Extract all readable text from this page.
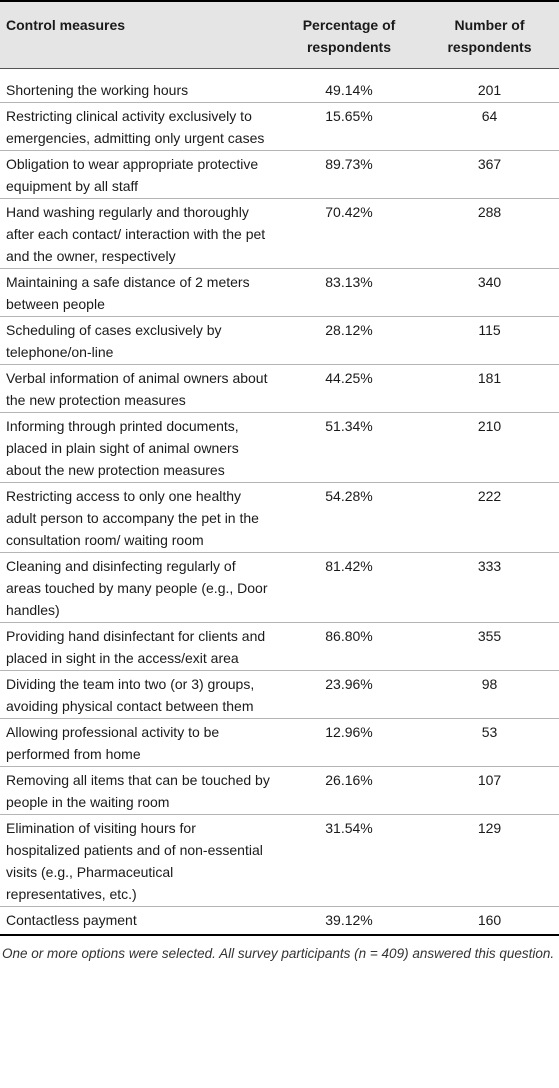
Control measures	Percentage of respondents	Number of respondents
Shortening the working hours	49.14%	201
Restricting clinical activity exclusively to emergencies, admitting only urgent cases	15.65%	64
Obligation to wear appropriate protective equipment by all staff	89.73%	367
Hand washing regularly and thoroughly after each contact/ interaction with the pet and the owner, respectively	70.42%	288
Maintaining a safe distance of 2 meters between people	83.13%	340
Scheduling of cases exclusively by telephone/on-line	28.12%	115
Verbal information of animal owners about the new protection measures	44.25%	181
Informing through printed documents, placed in plain sight of animal owners about the new protection measures	51.34%	210
Restricting access to only one healthy adult person to accompany the pet in the consultation room/ waiting room	54.28%	222
Cleaning and disinfecting regularly of areas touched by many people (e.g., Door handles)	81.42%	333
Providing hand disinfectant for clients and placed in sight in the access/exit area	86.80%	355
Dividing the team into two (or 3) groups, avoiding physical contact between them	23.96%	98
Allowing professional activity to be performed from home	12.96%	53
Removing all items that can be touched by people in the waiting room	26.16%	107
Elimination of visiting hours for hospitalized patients and of non-essential visits (e.g., Pharmaceutical representatives, etc.)	31.54%	129
Contactless payment	39.12%	160
One or more options were selected. All survey participants (n = 409) answered this question.
